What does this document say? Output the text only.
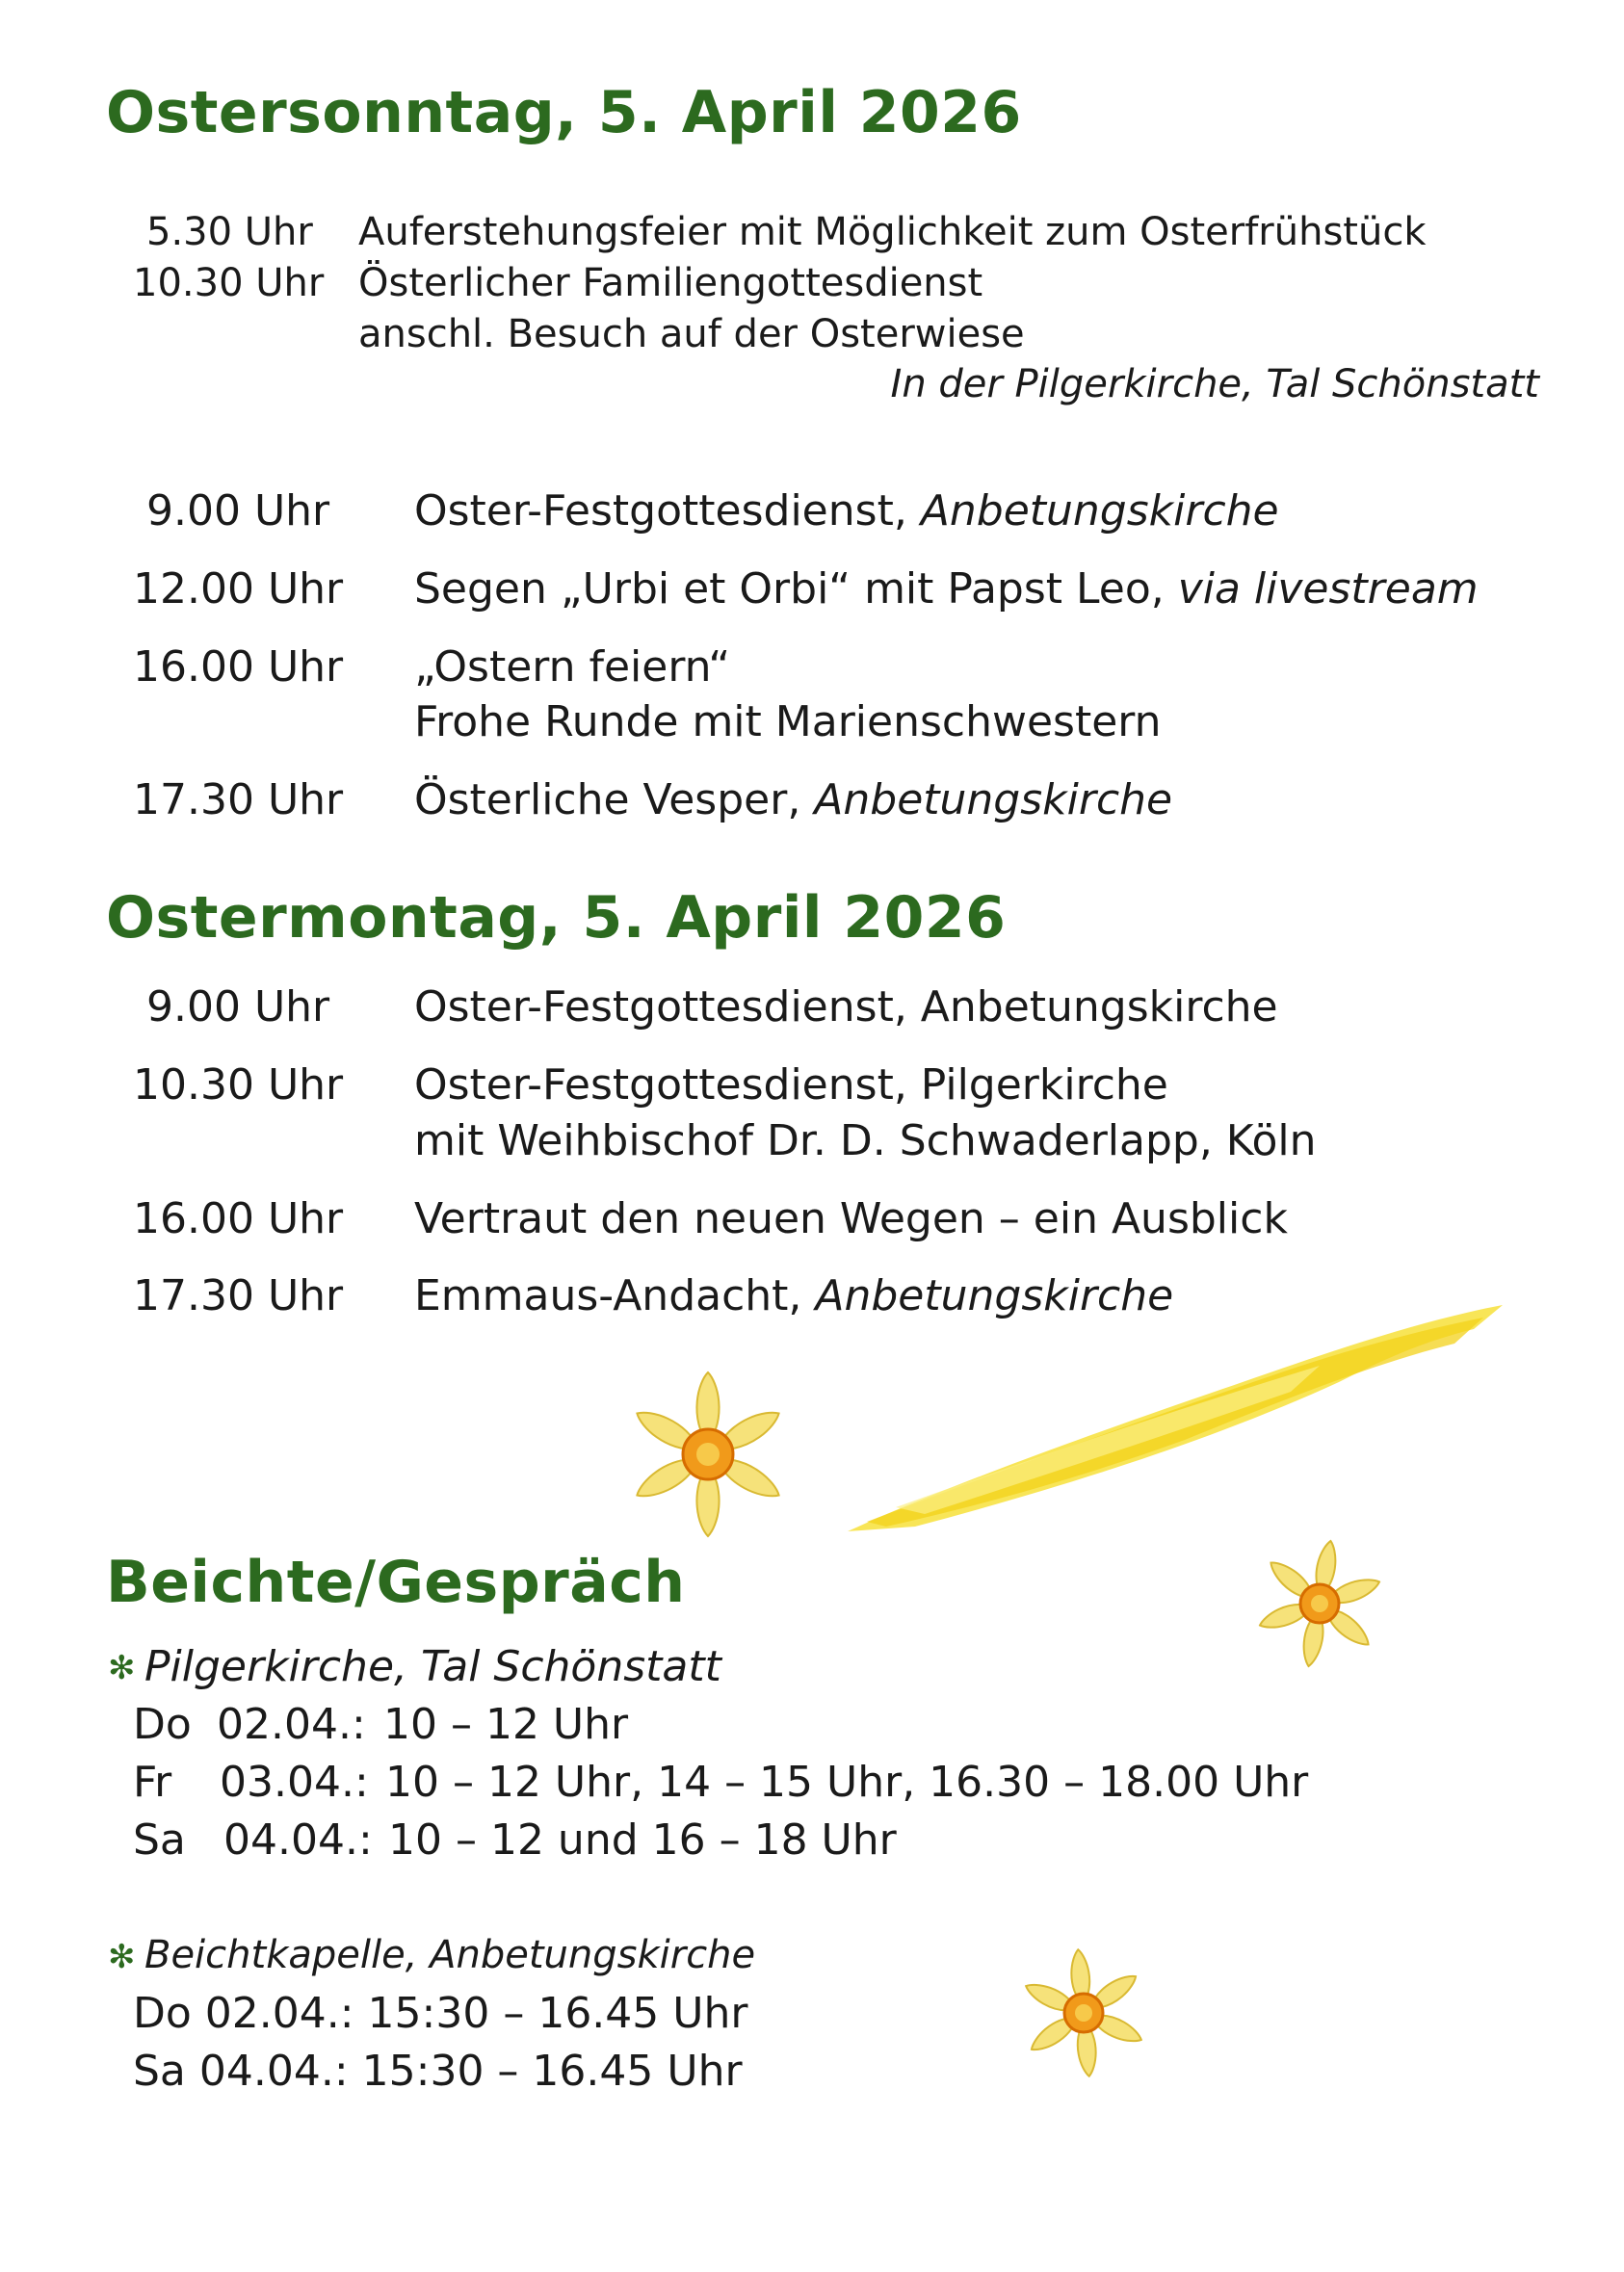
Ostersonntag, 5. April 2026
5.30 Uhr Auferstehungsfeier mit Möglichkeit zum Osterfrühstück
10.30 Uhr Österlicher Familiengottesdienst
anschl. Besuch auf der Osterwiese
In der Pilgerkirche, Tal Schönstatt
9.00 Uhr Oster-Festgottesdienst, Anbetungskirche
12.00 Uhr Segen „Urbi et Orbi“ mit Papst Leo, via livestream
16.00 Uhr „Ostern feiern“
Frohe Runde mit Marienschwestern
17.30 Uhr Österliche Vesper, Anbetungskirche
Ostermontag, 5. April 2026
9.00 Uhr Oster-Festgottesdienst, Anbetungskirche
10.30 Uhr Oster-Festgottesdienst, Pilgerkirche
mit Weihbischof Dr. D. Schwaderlapp, Köln
16.00 Uhr Vertraut den neuen Wegen – ein Ausblick
17.30 Uhr Emmaus-Andacht, Anbetungskirche
Beichte/Gespräch
✻ Pilgerkirche, Tal Schönstatt
Do 02.04.: 10 – 12 Uhr
Fr 03.04.: 10 – 12 Uhr, 14 – 15 Uhr, 16.30 – 18.00 Uhr
Sa 04.04.: 10 – 12 und 16 – 18 Uhr
✻ Beichtkapelle, Anbetungskirche
Do 02.04.: 15:30 – 16.45 Uhr
Sa 04.04.: 15:30 – 16.45 Uhr
